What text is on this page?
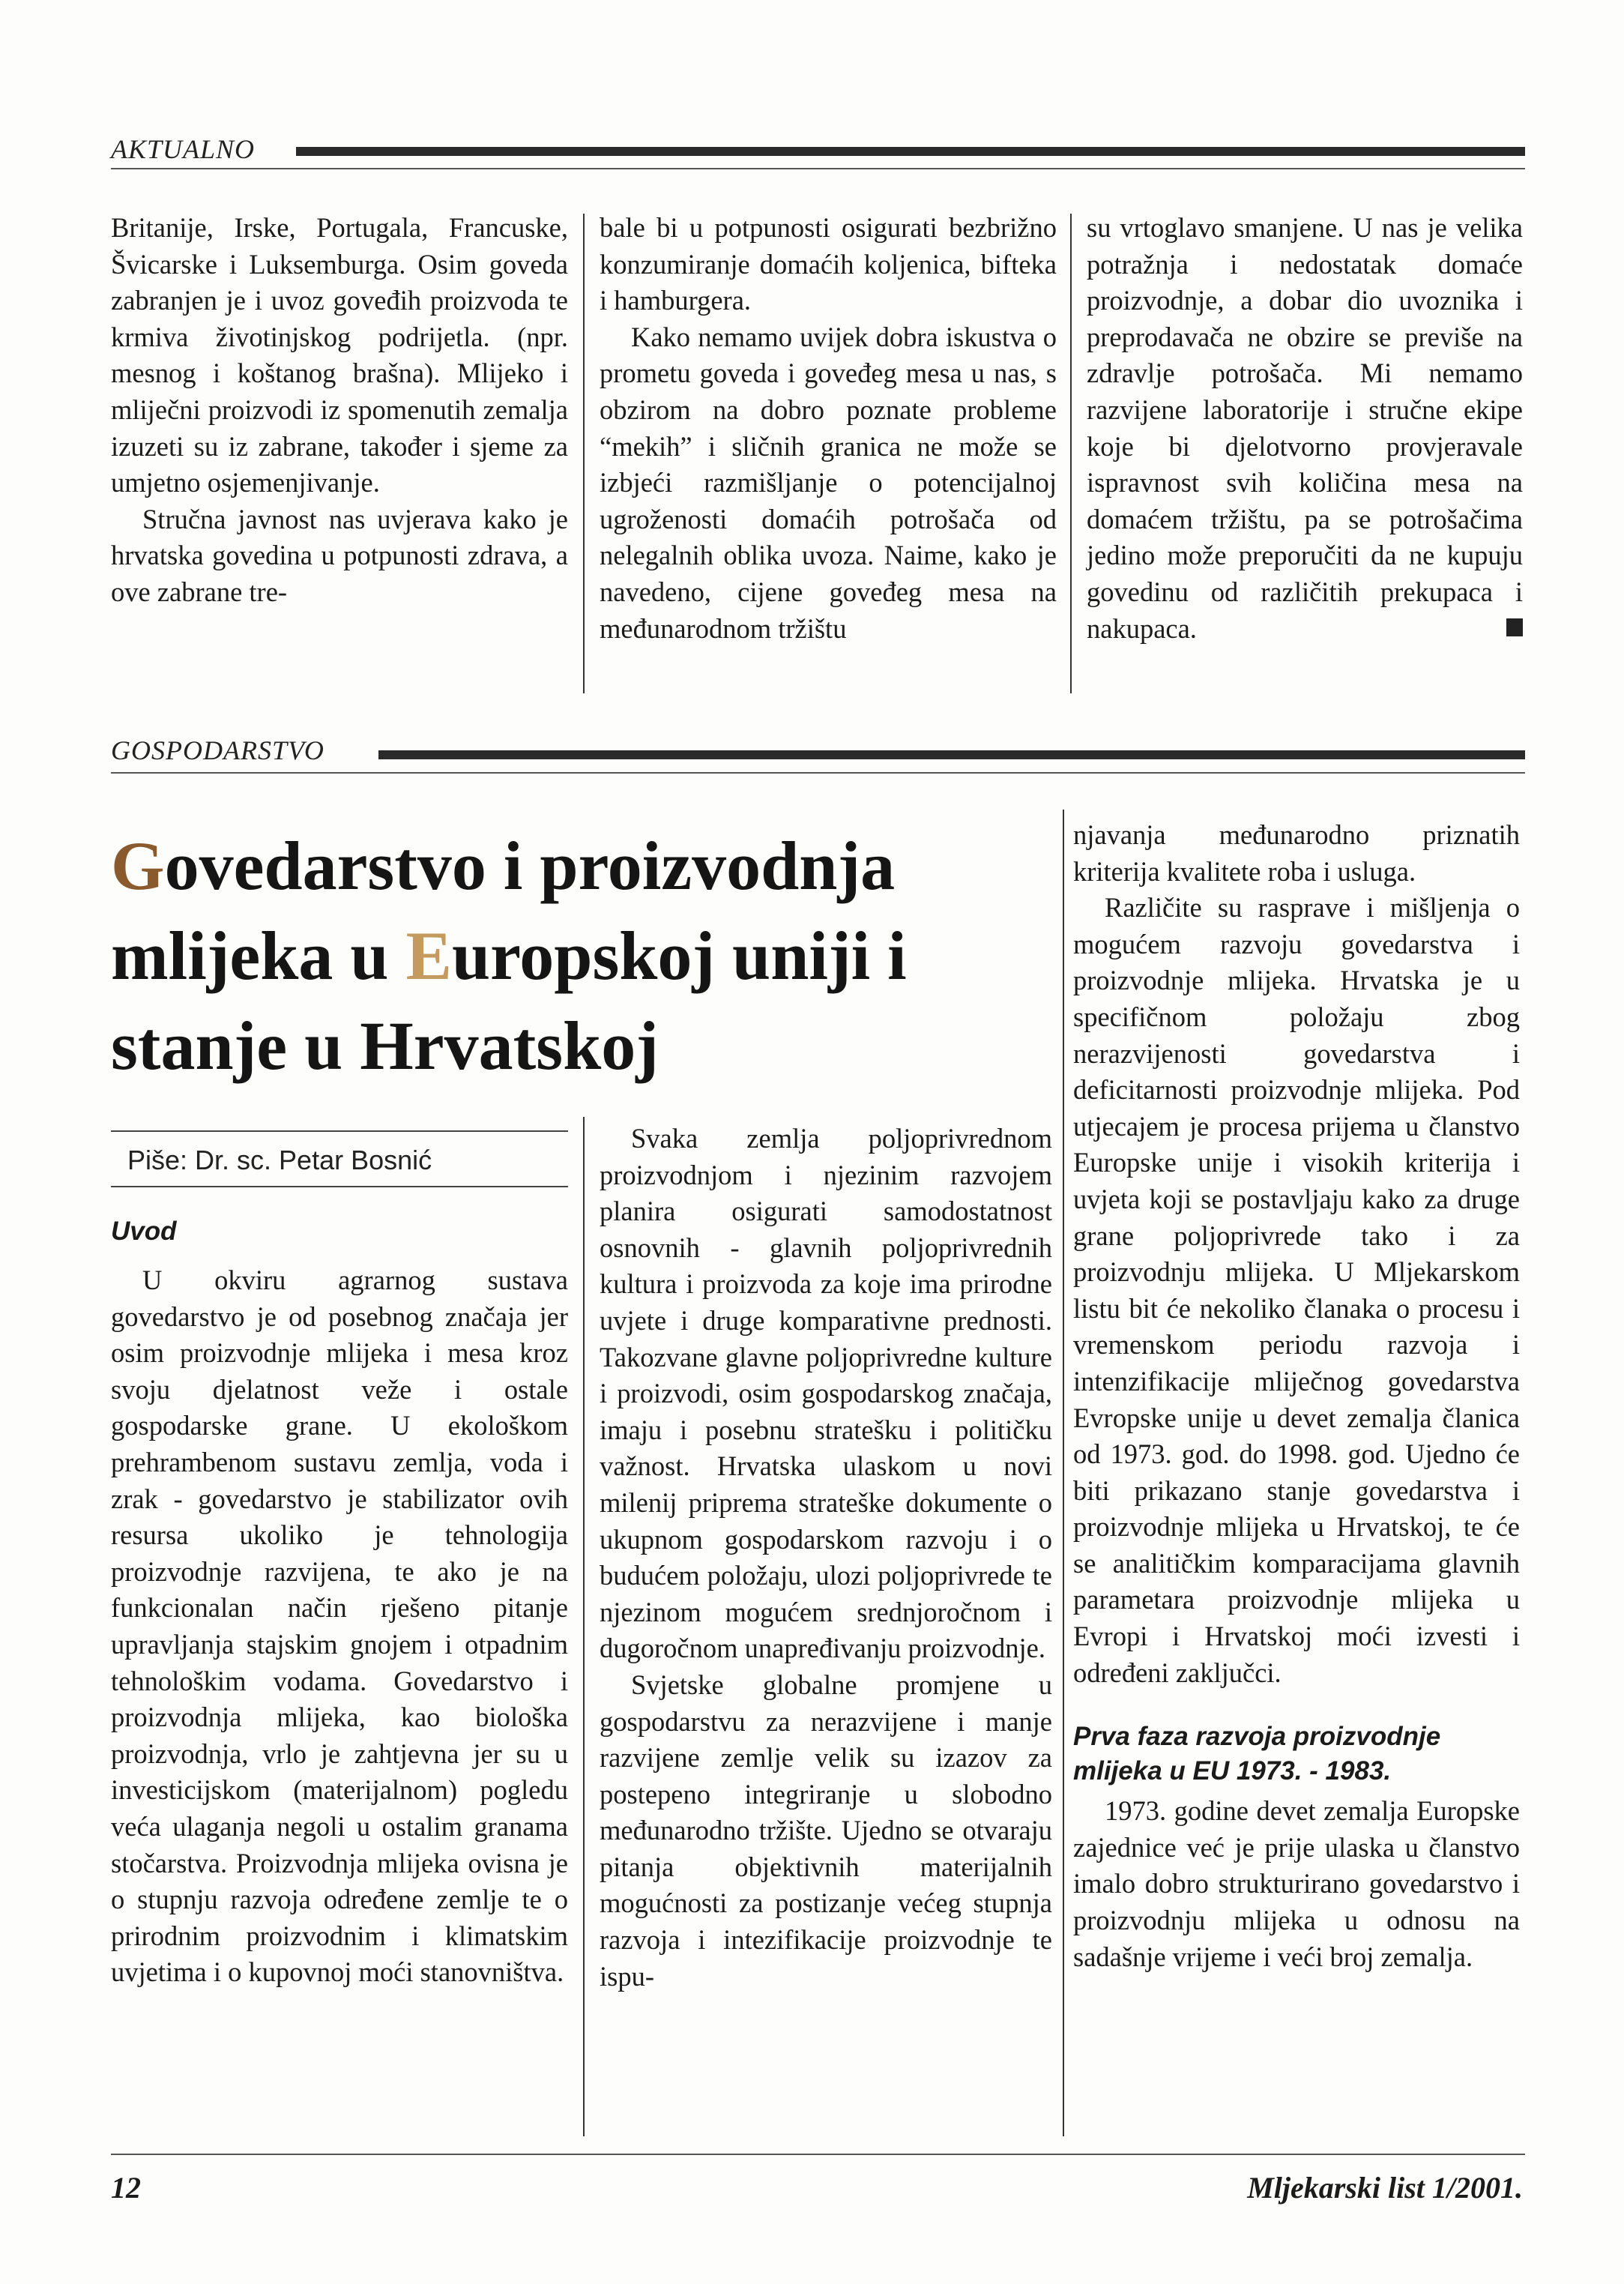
AKTUALNO

Britanije, Irske, Portugala, Francuske, Švicarske i Luksemburga. Osim goveda zabranjen je i uvoz goveđih proizvoda te krmiva životinjskog podrijetla. (npr. mesnog i koštanog brašna). Mlijeko i mliječni proizvodi iz spomenutih zemalja izuzeti su iz zabrane, također i sjeme za umjetno osjemenjivanje.

Stručna javnost nas uvjerava kako je hrvatska govedina u potpunosti zdrava, a ove zabrane tre-

bale bi u potpunosti osigurati bezbrižno konzumiranje domaćih koljenica, bifteka i hamburgera.

Kako nemamo uvijek dobra iskustva o prometu goveda i goveđeg mesa u nas, s obzirom na dobro poznate probleme “mekih” i sličnih granica ne može se izbjeći razmišljanje o potencijalnoj ugroženosti domaćih potrošača od nelegalnih oblika uvoza. Naime, kako je navedeno, cijene goveđeg mesa na međunarodnom tržištu

su vrtoglavo smanjene. U nas je velika potražnja i nedostatak domaće proizvodnje, a dobar dio uvoznika i preprodavača ne obzire se previše na zdravlje potrošača. Mi nemamo razvijene laboratorije i stručne ekipe koje bi djelotvorno provjeravale ispravnost svih količina mesa na domaćem tržištu, pa se potrošačima jedino može preporučiti da ne kupuju govedinu od različitih prekupaca i nakupaca.

GOSPODARSTVO
Govedarstvo i proizvodnja
mlijeka u Europskoj uniji i
stanje u Hrvatskoj
Piše: Dr. sc. Petar Bosnić

Uvod

U okviru agrarnog sustava govedarstvo je od posebnog značaja jer osim proizvodnje mlijeka i mesa kroz svoju djelatnost veže i ostale gospodarske grane. U ekološkom prehrambenom sustavu zemlja, voda i zrak - govedarstvo je stabilizator ovih resursa ukoliko je tehnologija proizvodnje razvijena, te ako je na funkcionalan način rješeno pitanje upravljanja stajskim gnojem i otpadnim tehnološkim vodama. Govedarstvo i proizvodnja mlijeka, kao biološka proizvodnja, vrlo je zahtjevna jer su u investicijskom (materijalnom) pogledu veća ulaganja negoli u ostalim granama stočarstva. Proizvodnja mlijeka ovisna je o stupnju razvoja određene zemlje te o prirodnim proizvodnim i klimatskim uvjetima i o kupovnoj moći stanovništva.

Svaka zemlja poljoprivrednom proizvodnjom i njezinim razvojem planira osigurati samodostatnost osnovnih - glavnih poljoprivrednih kultura i proizvoda za koje ima prirodne uvjete i druge komparativne prednosti. Takozvane glavne poljoprivredne kulture i proizvodi, osim gospodarskog značaja, imaju i posebnu stratešku i političku važnost. Hrvatska ulaskom u novi milenij priprema strateške dokumente o ukupnom gospodarskom razvoju i o budućem položaju, ulozi poljoprivrede te njezinom mogućem srednjoročnom i dugoročnom unapređivanju proizvodnje.

Svjetske globalne promjene u gospodarstvu za nerazvijene i manje razvijene zemlje velik su izazov za postepeno integriranje u slobodno međunarodno tržište. Ujedno se otvaraju pitanja objektivnih materijalnih mogućnosti za postizanje većeg stupnja razvoja i intezifikacije proizvodnje te ispu-

njavanja međunarodno priznatih kriterija kvalitete roba i usluga.

Različite su rasprave i mišljenja o mogućem razvoju govedarstva i proizvodnje mlijeka. Hrvatska je u specifičnom položaju zbog nerazvijenosti govedarstva i deficitarnosti proizvodnje mlijeka. Pod utjecajem je procesa prijema u članstvo Europske unije i visokih kriterija i uvjeta koji se postavljaju kako za druge grane poljoprivrede tako i za proizvodnju mlijeka. U Mljekarskom listu bit će nekoliko članaka o procesu i vremenskom periodu razvoja i intenzifikacije mliječnog govedarstva Evropske unije u devet zemalja članica od 1973. god. do 1998. god. Ujedno će biti prikazano stanje govedarstva i proizvodnje mlijeka u Hrvatskoj, te će se analitičkim komparacijama glavnih parametara proizvodnje mlijeka u Evropi i Hrvatskoj moći izvesti i određeni zaključci.

Prva faza razvoja proizvodnje mlijeka u EU 1973. - 1983.

1973. godine devet zemalja Europske zajednice već je prije ulaska u članstvo imalo dobro strukturirano govedarstvo i proizvodnju mlijeka u odnosu na sadašnje vrijeme i veći broj zemalja.

12	Mljekarski list 1/2001.
